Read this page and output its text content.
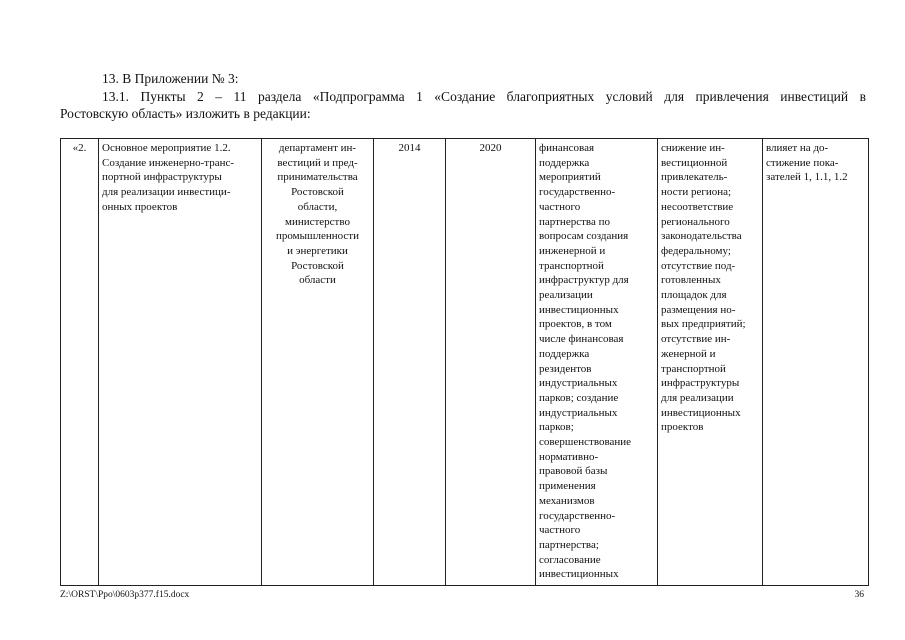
13. В Приложении № 3:
13.1. Пункты 2 – 11 раздела «Подпрограмма 1 «Создание благоприятных условий для привлечения инвестиций в
Ростовскую область» изложить в редакции:
«2.	Основное мероприятие 1.2.
Создание инженерно-транс-
портной инфраструктуры
для реализации инвестици-
онных проектов

департамент ин-
вестиций и пред-
принимательства
Ростовской
области,
министерство
промышленности
и энергетики
Ростовской
области

2014	2020	финансовая
поддержка
мероприятий
государственно-
частного
партнерства по
вопросам создания
инженерной и
транспортной
инфраструктур для
реализации
инвестиционных
проектов, в том
числе финансовая
поддержка
резидентов
индустриальных
парков; создание
индустриальных
парков;
совершенствование
нормативно-
правовой базы
применения
механизмов
государственно-
частного
партнерства;
согласование
инвестиционных

снижение ин-
вестиционной
привлекатель-
ности региона;
несоответствие
регионального
законодательства
федеральному;
отсутствие под-
готовленных
площадок для
размещения но-
вых предприятий;
отсутствие ин-
женерной и
транспортной
инфраструктуры
для реализации
инвестиционных
проектов

влияет на до-
стижение пока-
зателей 1, 1.1, 1.2
Z:\ORST\Ppo\0603p377.f15.docx	36
